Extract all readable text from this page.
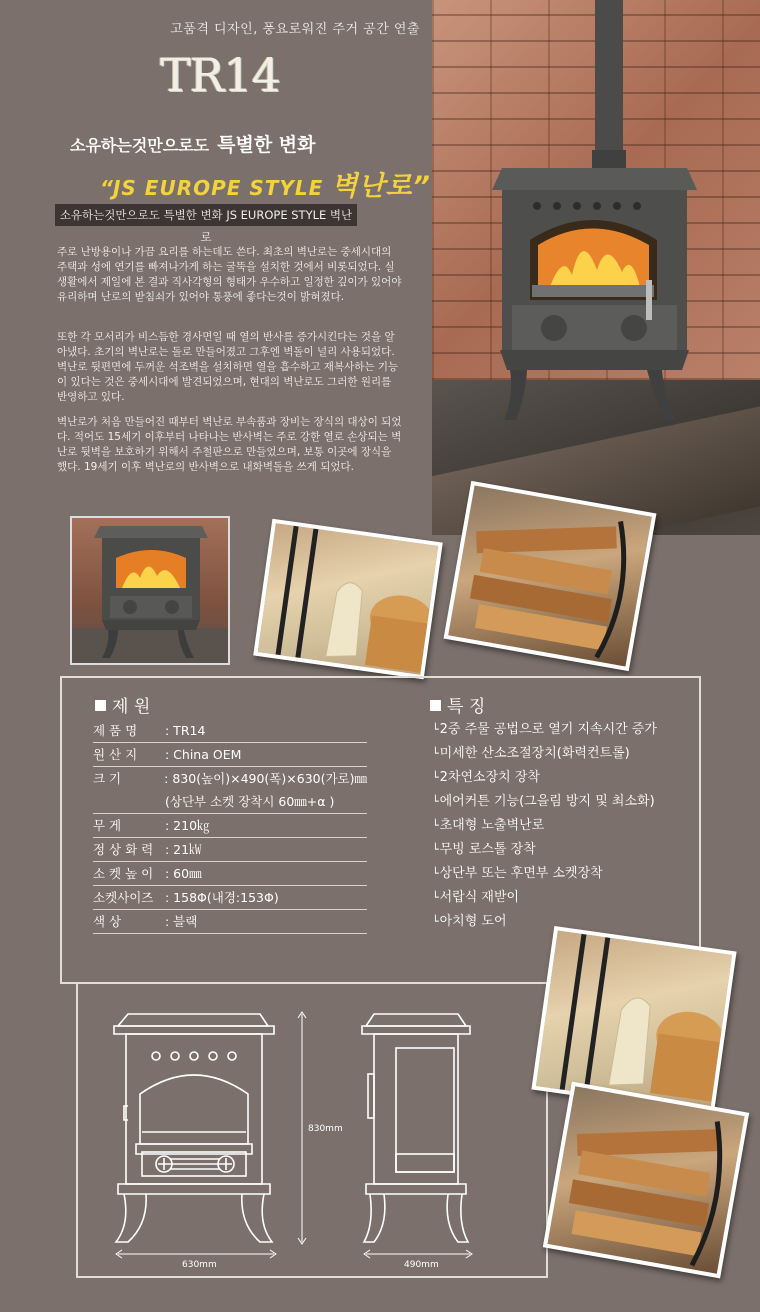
고품격 디자인, 풍요로워진 주거 공간 연출
TR14
소유하는것만으로도 특별한 변화
“JS EUROPE STYLE 벽난로”
소유하는것만으로도 특별한 변화 JS EUROPE STYLE 벽난로
주로 난방용이나 가끔 요리를 하는데도 쓴다. 최초의 벽난로는 중세시대의 주택과 성에 연기를 빠져나가게 하는 굴뚝을 설치한 것에서 비롯되었다. 실생활에서 제일에 본 결과 직사각형의 형태가 우수하고 일정한 깊이가 있어야 유리하며 난로의 받침쇠가 있어야 통풍에 좋다는것이 밝혀졌다.
또한 각 모서리가 비스듬한 경사면일 때 열의 반사를 증가시킨다는 것을 알아냈다. 초기의 벽난로는 돌로 만들어졌고 그후엔 벽돌이 널리 사용되었다. 벽난로 뒷편면에 두꺼운 석조벽을 설치하면 열을 흡수하고 재복사하는 기능이 있다는 것은 중세시대에 발견되었으며, 현대의 벽난로도 그러한 원리를 반영하고 있다.
벽난로가 처음 만들어진 때부터 벽난로 부속품과 장비는 장식의 대상이 되었다. 적어도 15세기 이후부터 나타나는 반사벽는 주로 강한 열로 손상되는 벽난로 뒷벽을 보호하기 위해서 주철판으로 만들었으며, 보통 이곳에 장식을 했다. 19세기 이후 벽난로의 반사벽으로 내화벽돌을 쓰게 되었다.
제 원
제 품 명	: TR14
원 산 지	: China OEM
크 기	: 830(높이)×490(폭)×630(가로)㎜
(상단부 소켓 장착시 60㎜+α )
무 게	: 210㎏
정 상 화 력 : 21㎾
소 켓 높 이 : 60㎜
소켓사이즈 : 158Φ(내경:153Φ)
색 상	: 블랙
특 징
└2중 주물 공법으로 열기 지속시간 증가
└미세한 산소조절장치(화력컨트롤)
└2차연소장치 장착
└에어커튼 기능(그을림 방지 및 최소화)
└초대형 노출벽난로
└무빙 로스톨 장착
└상단부 또는 후면부 소켓장착
└서랍식 재받이
└아치형 도어
830mm
630mm	490mm
